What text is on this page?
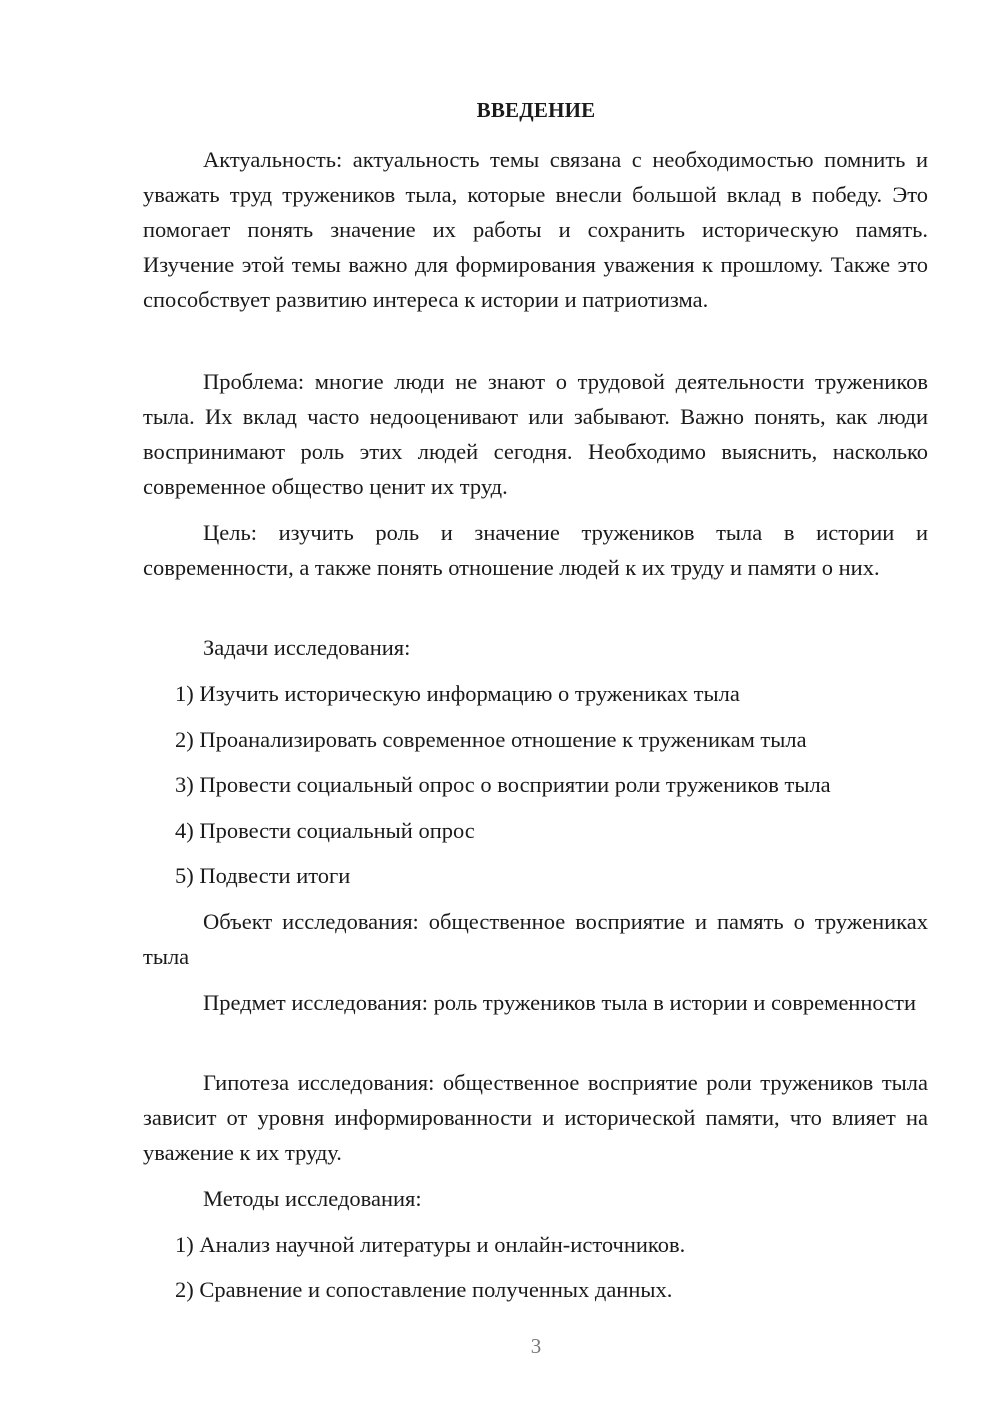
ВВЕДЕНИЕ
Актуальность: актуальность темы связана с необходимостью помнить и уважать труд тружеников тыла, которые внесли большой вклад в победу. Это помогает понять значение их работы и сохранить историческую память. Изучение этой темы важно для формирования уважения к прошлому. Также это способствует развитию интереса к истории и патриотизма.
Проблема: многие люди не знают о трудовой деятельности тружеников тыла. Их вклад часто недооценивают или забывают. Важно понять, как люди воспринимают роль этих людей сегодня. Необходимо выяснить, насколько современное общество ценит их труд.
Цель: изучить роль и значение тружеников тыла в истории и современности, а также понять отношение людей к их труду и памяти о них.
Задачи исследования:
1) Изучить историческую информацию о тружениках тыла
2) Проанализировать современное отношение к труженикам тыла
3) Провести социальный опрос о восприятии роли тружеников тыла
4) Провести социальный опрос
5) Подвести итоги
Объект исследования: общественное восприятие и память о тружениках тыла
Предмет исследования: роль тружеников тыла в истории и современности
Гипотеза исследования: общественное восприятие роли тружеников тыла зависит от уровня информированности и исторической памяти, что влияет на уважение к их труду.
Методы исследования:
1) Анализ научной литературы и онлайн-источников.
2) Сравнение и сопоставление полученных данных.
3
